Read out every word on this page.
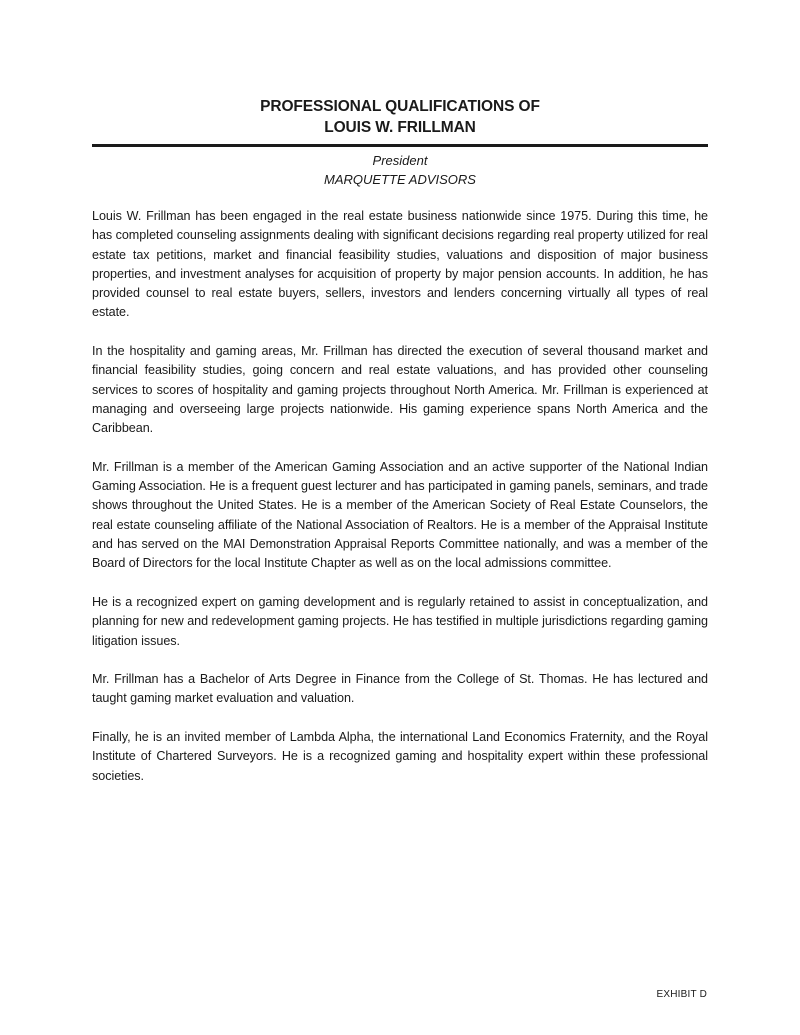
PROFESSIONAL QUALIFICATIONS OF
LOUIS W. FRILLMAN
President
MARQUETTE ADVISORS

Louis W. Frillman has been engaged in the real estate business nationwide since 1975. During this time, he has completed counseling assignments dealing with significant decisions regarding real property utilized for real estate tax petitions, market and financial feasibility studies, valuations and disposition of major business properties, and investment analyses for acquisition of property by major pension accounts. In addition, he has provided counsel to real estate buyers, sellers, investors and lenders concerning virtually all types of real estate.

In the hospitality and gaming areas, Mr. Frillman has directed the execution of several thousand market and financial feasibility studies, going concern and real estate valuations, and has provided other counseling services to scores of hospitality and gaming projects throughout North America. Mr. Frillman is experienced at managing and overseeing large projects nationwide. His gaming experience spans North America and the Caribbean.

Mr. Frillman is a member of the American Gaming Association and an active supporter of the National Indian Gaming Association. He is a frequent guest lecturer and has participated in gaming panels, seminars, and trade shows throughout the United States. He is a member of the American Society of Real Estate Counselors, the real estate counseling affiliate of the National Association of Realtors. He is a member of the Appraisal Institute and has served on the MAI Demonstration Appraisal Reports Committee nationally, and was a member of the Board of Directors for the local Institute Chapter as well as on the local admissions committee.

He is a recognized expert on gaming development and is regularly retained to assist in conceptualization, and planning for new and redevelopment gaming projects. He has testified in multiple jurisdictions regarding gaming litigation issues.

Mr. Frillman has a Bachelor of Arts Degree in Finance from the College of St. Thomas. He has lectured and taught gaming market evaluation and valuation.

Finally, he is an invited member of Lambda Alpha, the international Land Economics Fraternity, and the Royal Institute of Chartered Surveyors. He is a recognized gaming and hospitality expert within these professional societies.

EXHIBIT D
